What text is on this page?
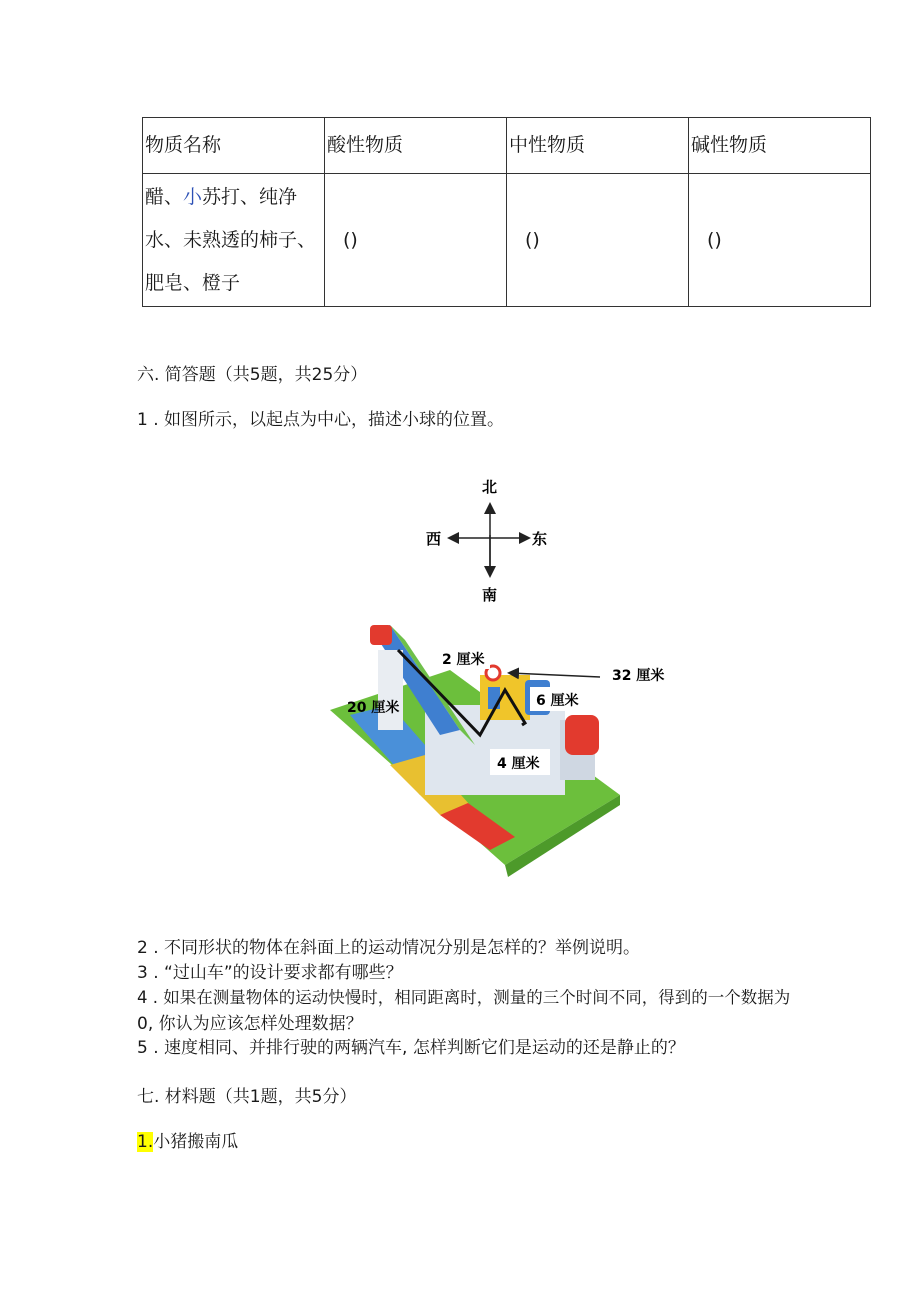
物质名称	酸性物质	中性物质	碱性物质

醋、小苏打、纯净
水、未熟透的柿子、
肥皂、橙子	()	()	()
六. 简答题（共5题，共25分）
1 . 如图所示，以起点为中心，描述小球的位置。
北
南
西	东
2 厘米
32 厘米
6 厘米
20 厘米
4 厘米
2 . 不同形状的物体在斜面上的运动情况分别是怎样的？举例说明。
3 . “过山车”的设计要求都有哪些？
4 . 如果在测量物体的运动快慢时，相同距离时，测量的三个时间不同，得到的一个数据为
0, 你认为应该怎样处理数据？
5 . 速度相同、并排行驶的两辆汽车, 怎样判断它们是运动的还是静止的？
七. 材料题（共1题，共5分）
1.小猪搬南瓜
